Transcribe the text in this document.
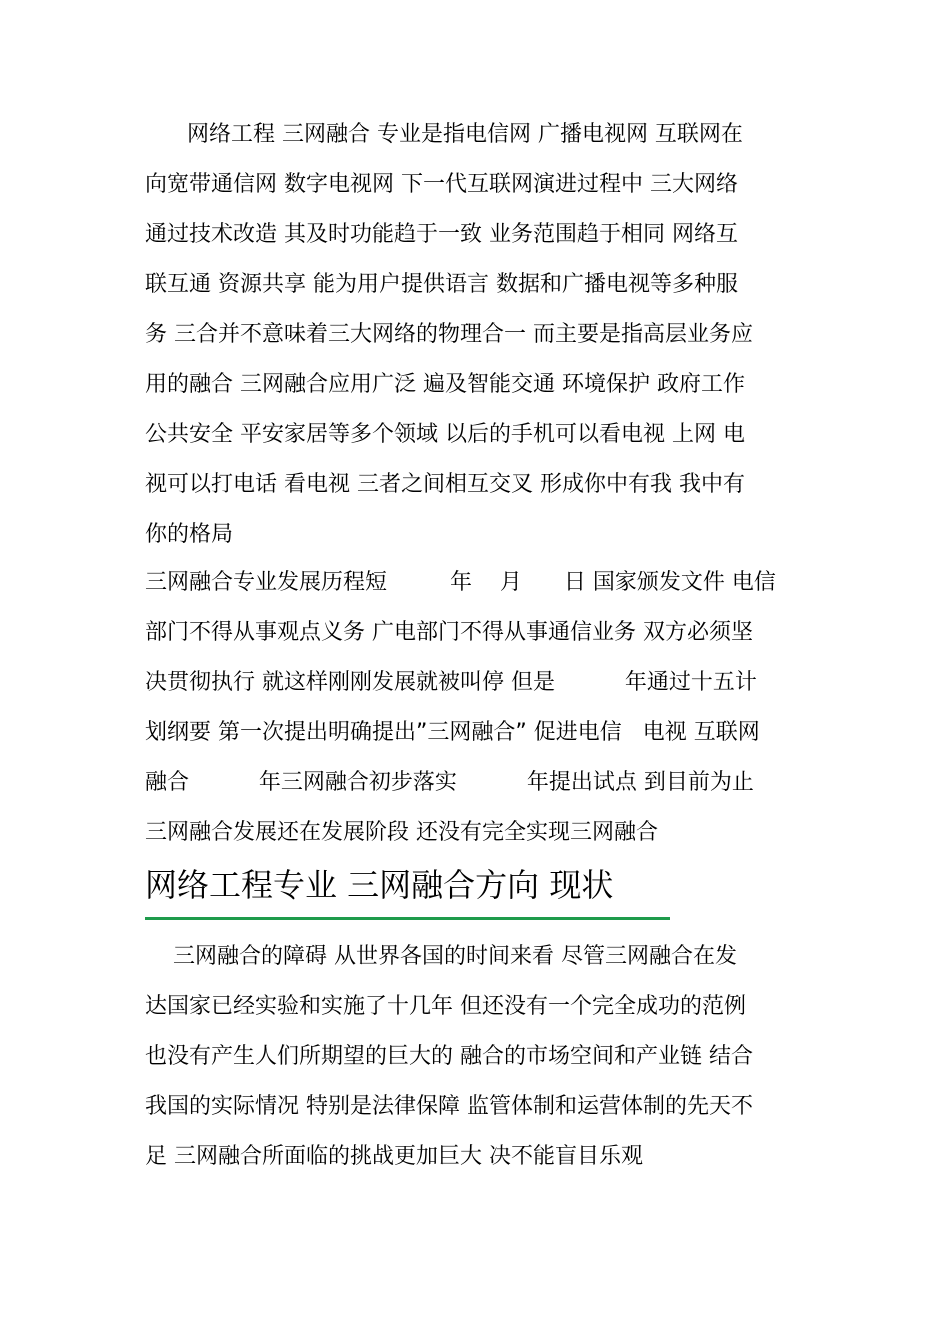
网络工程 三网融合 专业是指电信网 广播电视网 互联网在
向宽带通信网 数字电视网 下一代互联网演进过程中 三大网络
通过技术改造 其及时功能趋于一致 业务范围趋于相同 网络互
联互通 资源共享 能为用户提供语言 数据和广播电视等多种服
务 三合并不意味着三大网络的物理合一 而主要是指高层业务应
用的融合 三网融合应用广泛 遍及智能交通 环境保护 政府工作
公共安全 平安家居等多个领域 以后的手机可以看电视 上网 电
视可以打电话 看电视 三者之间相互交叉 形成你中有我 我中有
你的格局
三网融合专业发展历程短         年    月      日 国家颁发文件 电信
部门不得从事观点义务 广电部门不得从事通信业务 双方必须坚
决贯彻执行 就这样刚刚发展就被叫停 但是          年通过十五计
划纲要 第一次提出明确提出”三网融合” 促进电信   电视 互联网
融合          年三网融合初步落实          年提出试点 到目前为止
三网融合发展还在发展阶段 还没有完全实现三网融合
网络工程专业 三网融合方向 现状
三网融合的障碍 从世界各国的时间来看 尽管三网融合在发
达国家已经实验和实施了十几年 但还没有一个完全成功的范例
也没有产生人们所期望的巨大的 融合的市场空间和产业链 结合
我国的实际情况 特别是法律保障 监管体制和运营体制的先天不
足 三网融合所面临的挑战更加巨大 决不能盲目乐观
